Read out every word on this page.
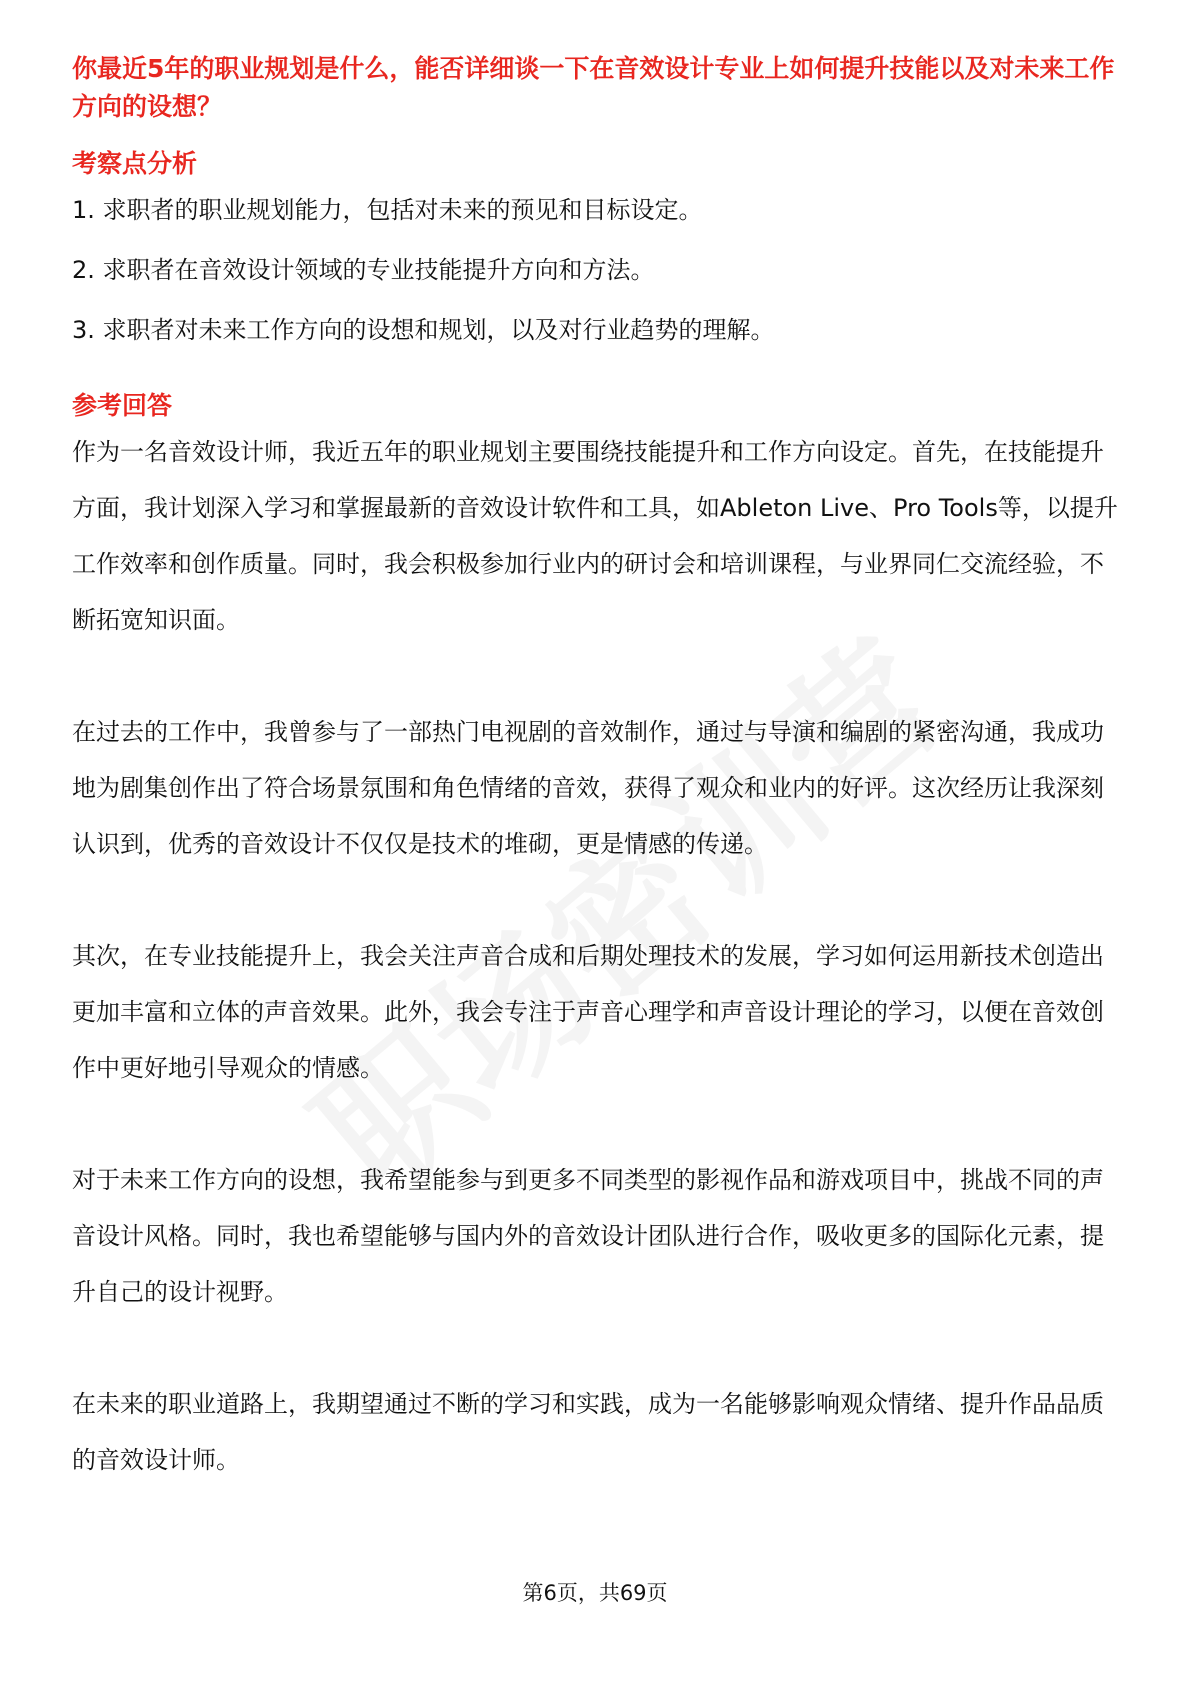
你最近5年的职业规划是什么，能否详细谈一下在音效设计专业上如何提升技能以及对未来工作方向的设想？
考察点分析
1. 求职者的职业规划能力，包括对未来的预见和目标设定。
2. 求职者在音效设计领域的专业技能提升方向和方法。
3. 求职者对未来工作方向的设想和规划，以及对行业趋势的理解。
参考回答
作为一名音效设计师，我近五年的职业规划主要围绕技能提升和工作方向设定。首先，在技能提升方面，我计划深入学习和掌握最新的音效设计软件和工具，如Ableton Live、Pro Tools等，以提升工作效率和创作质量。同时，我会积极参加行业内的研讨会和培训课程，与业界同仁交流经验，不断拓宽知识面。
在过去的工作中，我曾参与了一部热门电视剧的音效制作，通过与导演和编剧的紧密沟通，我成功地为剧集创作出了符合场景氛围和角色情绪的音效，获得了观众和业内的好评。这次经历让我深刻认识到，优秀的音效设计不仅仅是技术的堆砌，更是情感的传递。
其次，在专业技能提升上，我会关注声音合成和后期处理技术的发展，学习如何运用新技术创造出更加丰富和立体的声音效果。此外，我会专注于声音心理学和声音设计理论的学习，以便在音效创作中更好地引导观众的情感。
对于未来工作方向的设想，我希望能参与到更多不同类型的影视作品和游戏项目中，挑战不同的声音设计风格。同时，我也希望能够与国内外的音效设计团队进行合作，吸收更多的国际化元素，提升自己的设计视野。
在未来的职业道路上，我期望通过不断的学习和实践，成为一名能够影响观众情绪、提升作品品质的音效设计师。
第6页，共69页
